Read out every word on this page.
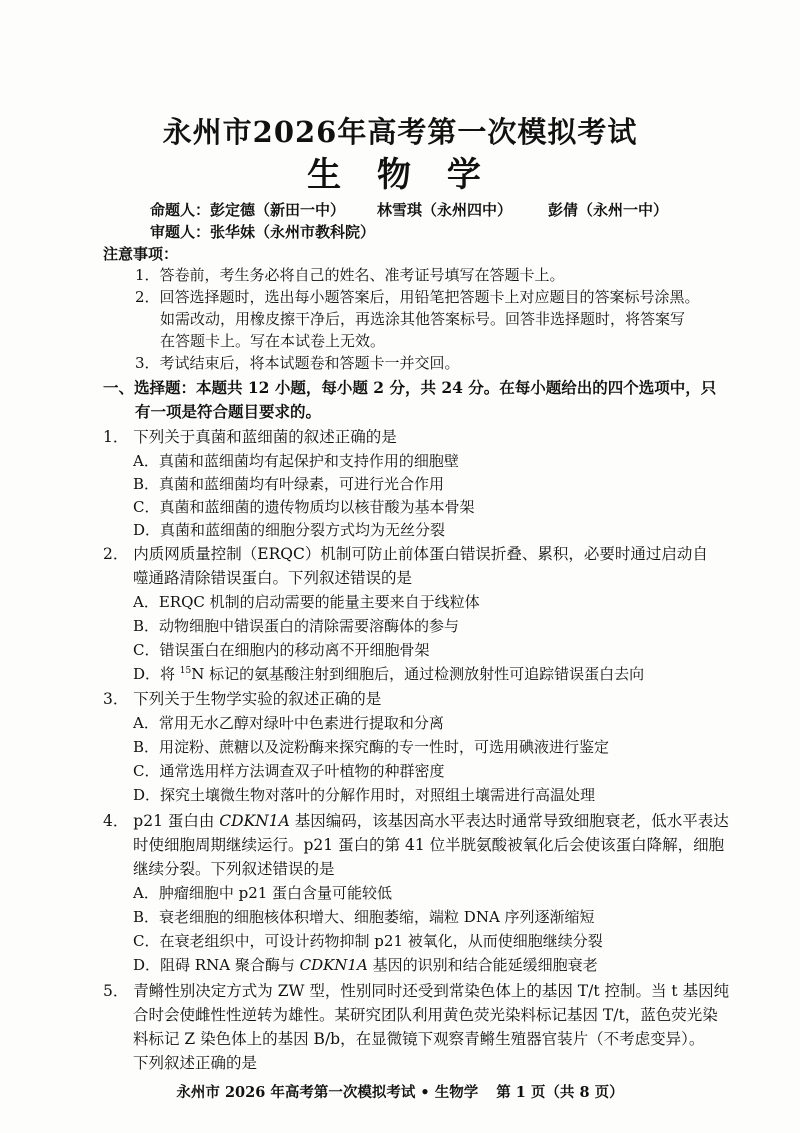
永州市2026年高考第一次模拟考试
生 物 学
命题人：彭定德（新田一中） 林雪琪（永州四中） 彭倩（永州一中）
审题人：张华妹（永州市教科院）
注意事项：
1．答卷前，考生务必将自己的姓名、准考证号填写在答题卡上。
2．回答选择题时，选出每小题答案后，用铅笔把答题卡上对应题目的答案标号涂黑。
如需改动，用橡皮擦干净后，再选涂其他答案标号。回答非选择题时，将答案写
在答题卡上。写在本试卷上无效。
3．考试结束后，将本试题卷和答题卡一并交回。
一、选择题：本题共 12 小题，每小题 2 分，共 24 分。在每小题给出的四个选项中，只
有一项是符合题目要求的。
1． 下列关于真菌和蓝细菌的叙述正确的是
A．真菌和蓝细菌均有起保护和支持作用的细胞壁
B．真菌和蓝细菌均有叶绿素，可进行光合作用
C．真菌和蓝细菌的遗传物质均以核苷酸为基本骨架
D．真菌和蓝细菌的细胞分裂方式均为无丝分裂
2． 内质网质量控制（ERQC）机制可防止前体蛋白错误折叠、累积，必要时通过启动自
噬通路清除错误蛋白。下列叙述错误的是
A．ERQC 机制的启动需要的能量主要来自于线粒体
B．动物细胞中错误蛋白的清除需要溶酶体的参与
C．错误蛋白在细胞内的移动离不开细胞骨架
D．将 $^{15}$N 标记的氨基酸注射到细胞后，通过检测放射性可追踪错误蛋白去向
3． 下列关于生物学实验的叙述正确的是
A．常用无水乙醇对绿叶中色素进行提取和分离
B．用淀粉、蔗糖以及淀粉酶来探究酶的专一性时，可选用碘液进行鉴定
C．通常选用样方法调查双子叶植物的种群密度
D．探究土壤微生物对落叶的分解作用时，对照组土壤需进行高温处理
4． p21 蛋白由 CDKN1A 基因编码，该基因高水平表达时通常导致细胞衰老，低水平表达
时使细胞周期继续运行。p21 蛋白的第 41 位半胱氨酸被氧化后会使该蛋白降解，细胞
继续分裂。下列叙述错误的是
A．肿瘤细胞中 p21 蛋白含量可能较低
B．衰老细胞的细胞核体积增大、细胞萎缩，端粒 DNA 序列逐渐缩短
C．在衰老组织中，可设计药物抑制 p21 被氧化，从而使细胞继续分裂
D．阻碍 RNA 聚合酶与 CDKN1A 基因的识别和结合能延缓细胞衰老
5． 青鳉性别决定方式为 ZW 型，性别同时还受到常染色体上的基因 T/t 控制。当 t 基因纯
合时会使雌性性逆转为雄性。某研究团队利用黄色荧光染料标记基因 T/t，蓝色荧光染
料标记 Z 染色体上的基因 B/b，在显微镜下观察青鳉生殖器官装片（不考虑变异）。
下列叙述正确的是
永州市 2026 年高考第一次模拟考试 • 生物学 第 1 页（共 8 页）
